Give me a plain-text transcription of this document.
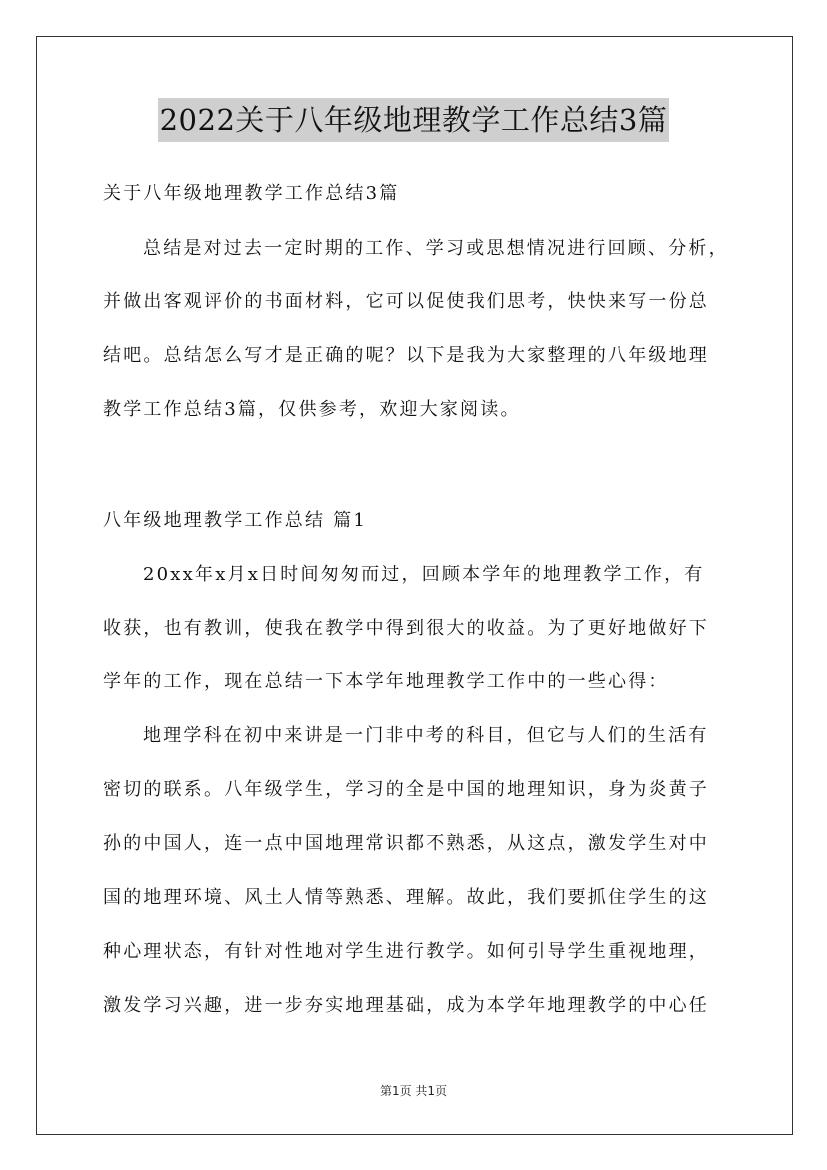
2022关于八年级地理教学工作总结3篇
关于八年级地理教学工作总结3篇
总结是对过去一定时期的工作、学习或思想情况进行回顾、分析，
并做出客观评价的书面材料，它可以促使我们思考，快快来写一份总
结吧。总结怎么写才是正确的呢？以下是我为大家整理的八年级地理
教学工作总结3篇，仅供参考，欢迎大家阅读。
八年级地理教学工作总结 篇1
20xx年x月x日时间匆匆而过，回顾本学年的地理教学工作，有
收获，也有教训，使我在教学中得到很大的收益。为了更好地做好下
学年的工作，现在总结一下本学年地理教学工作中的一些心得：
地理学科在初中来讲是一门非中考的科目，但它与人们的生活有
密切的联系。八年级学生，学习的全是中国的地理知识，身为炎黄子
孙的中国人，连一点中国地理常识都不熟悉，从这点，激发学生对中
国的地理环境、风土人情等熟悉、理解。故此，我们要抓住学生的这
种心理状态，有针对性地对学生进行教学。如何引导学生重视地理，
激发学习兴趣，进一步夯实地理基础，成为本学年地理教学的中心任
第1页 共1页
